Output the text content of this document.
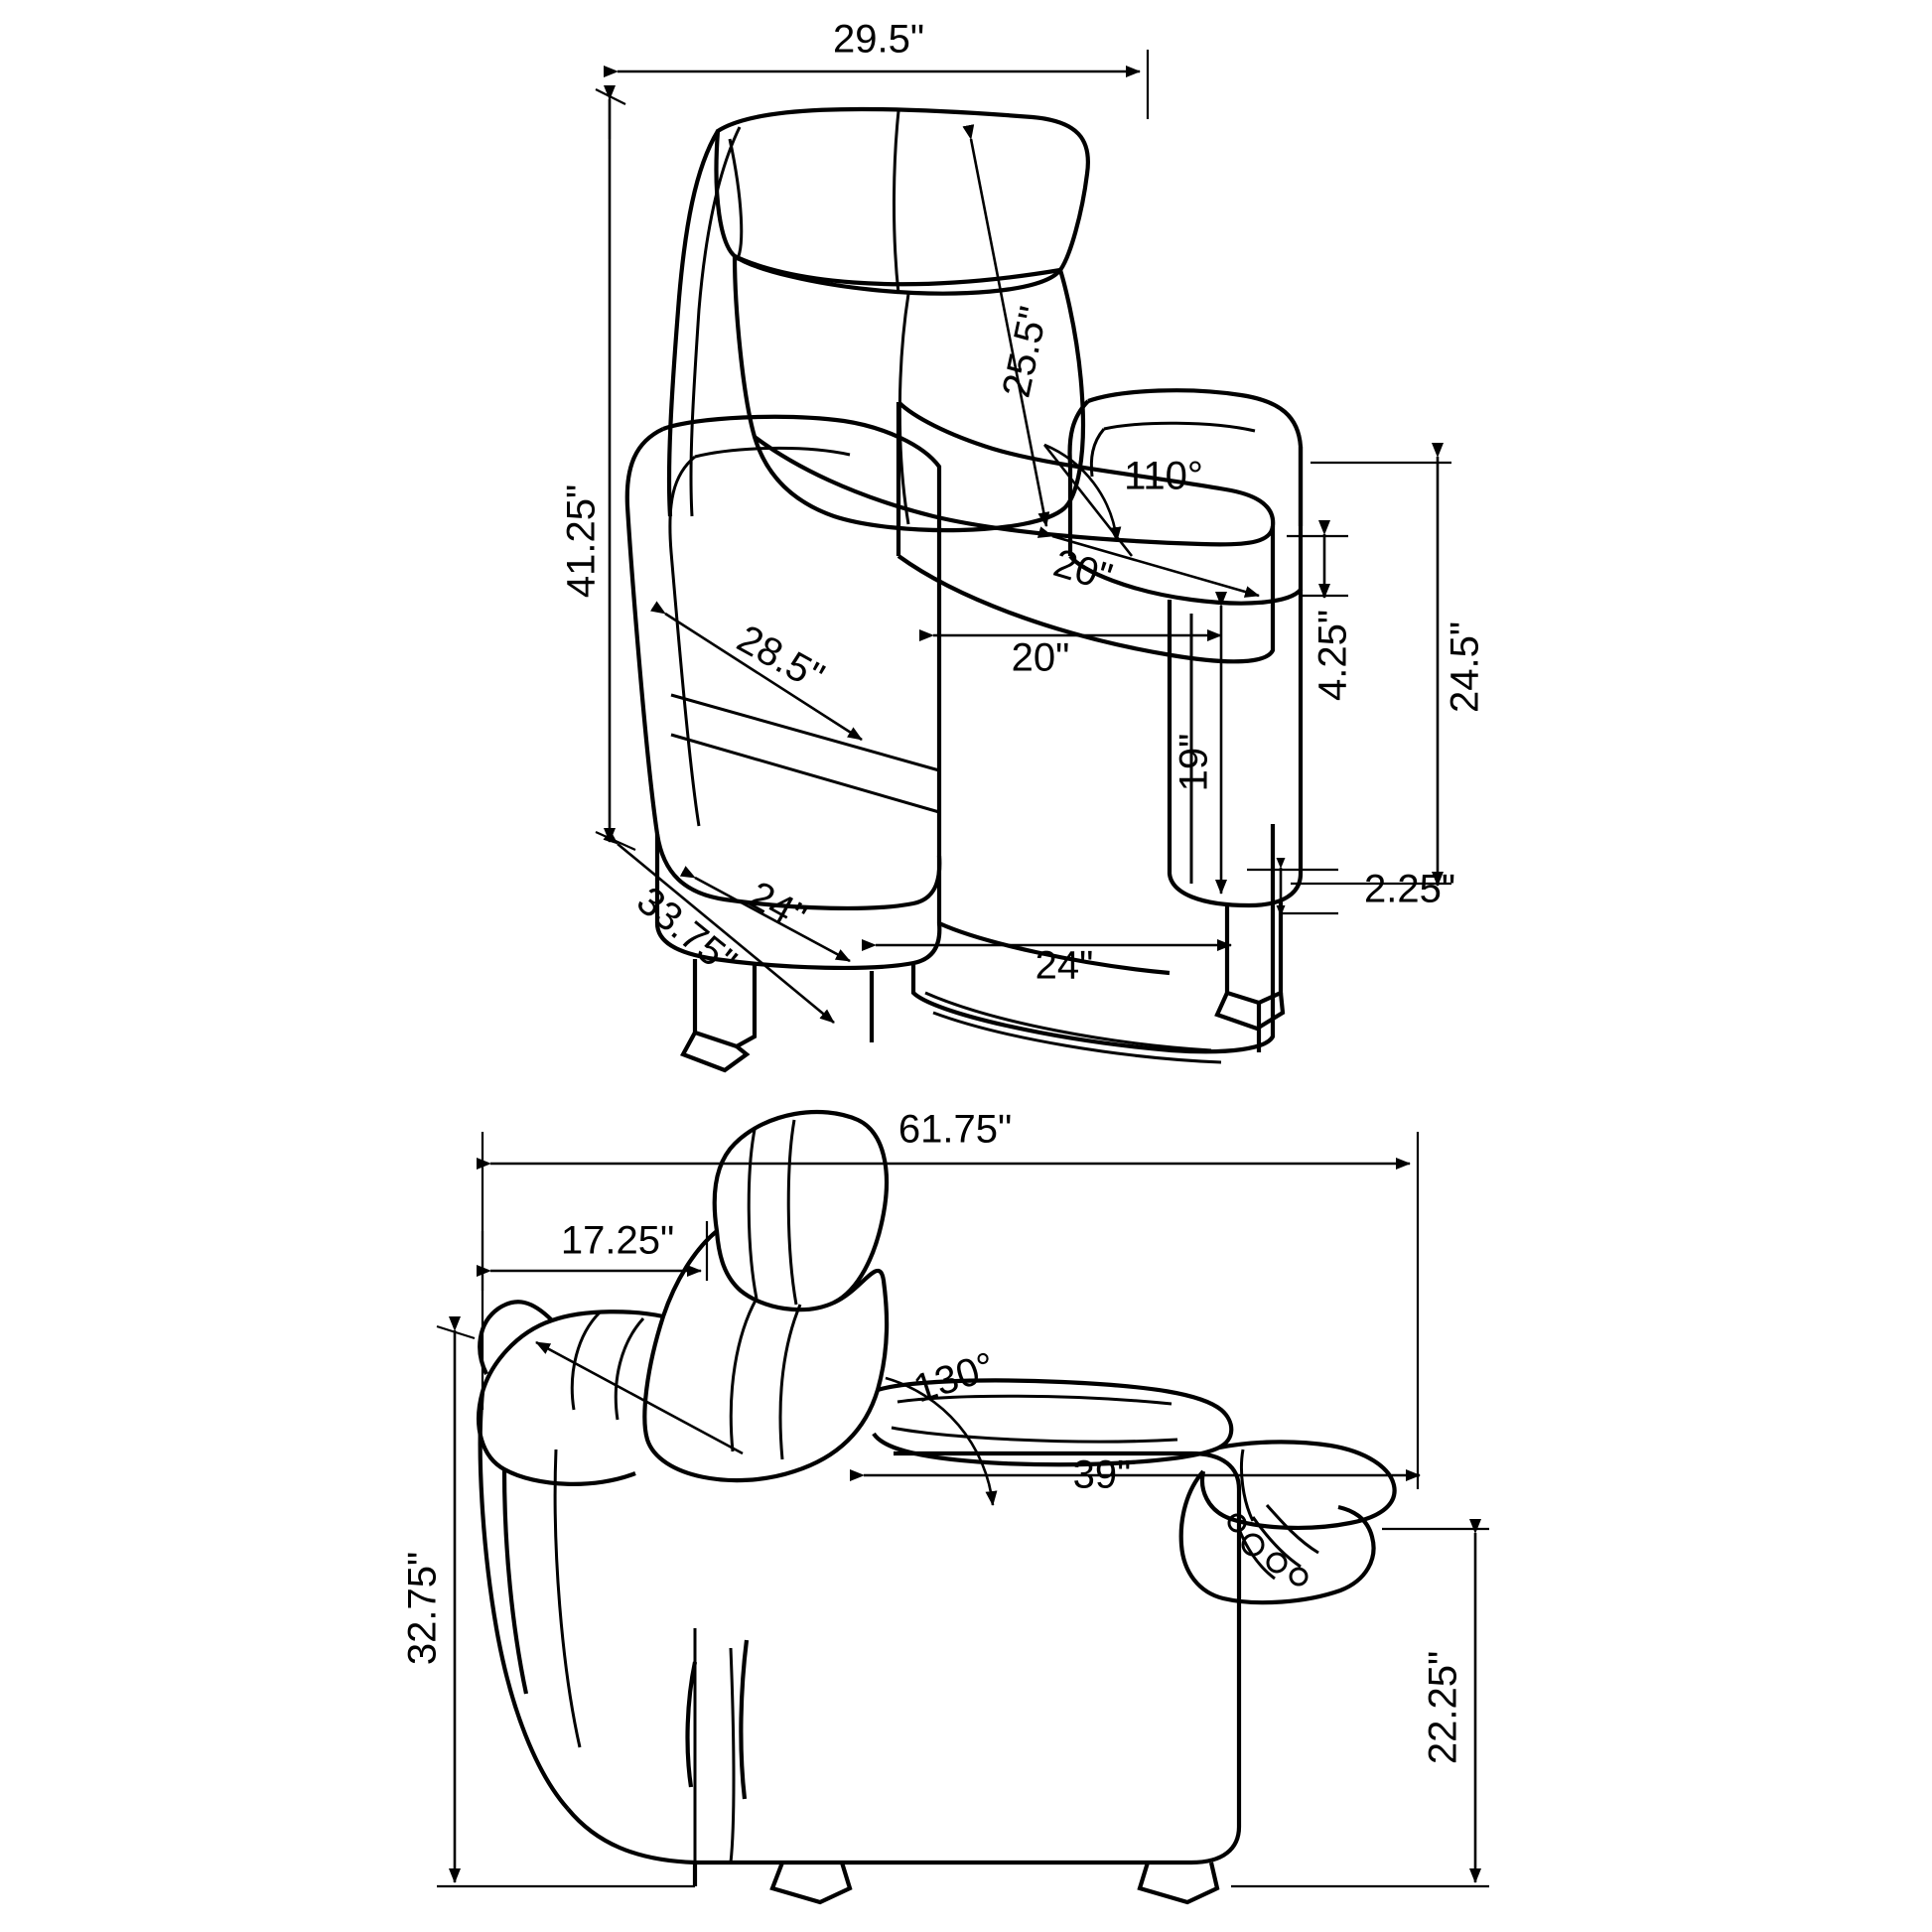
29.5"
41.25"
25.5"
110°
20"
20"	4.25" 24.5"
28.5"
19"
2.25"
33.75"
24"
24"
61.75"
17.25"
130°
39"
32.75"
22.25"
